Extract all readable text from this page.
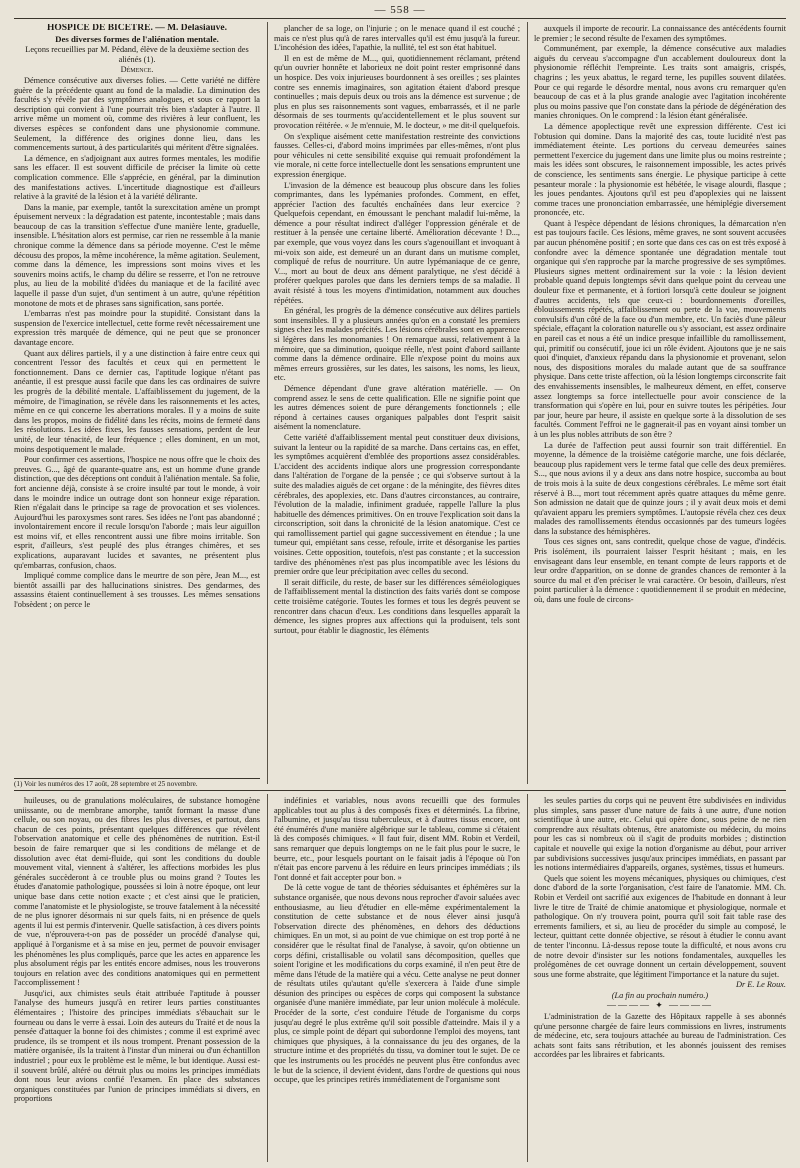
— 558 —

HOSPICE DE BICÊTRE. — M. Delasiauve.

Des diverses formes de l'aliénation mentale.

Leçons recueillies par M. Pédand, élève de la deuxième section des aliénés (1).

Démence.

Démence consécutive aux diverses folies. — Cette variété ne diffère guère de la précédente quant au fond de la maladie. La diminution des facultés s'y révèle par des symptômes analogues, et sous ce rapport la description qui convient à l'une pourrait très bien s'adapter à l'autre. Il arrive même un moment où, comme des rivières à leur confluent, les diverses espèces se confondent dans une physionomie commune. Seulement, la différence des origines donne lieu, dans les commencements surtout, à des particularités qui méritent d'être signalées.

La démence, en s'adjoignant aux autres formes mentales, les modifie sans les effacer. Il est souvent difficile de préciser la limite où cette complication commence. Elle s'apprécie, en général, par la diminution des manifestations actives. L'incertitude diagnostique est d'ailleurs relative à la gravité de la lésion et à la variété délirante.

Dans la manie, par exemple, tantôt la surexcitation amène un prompt épuisement nerveux : la dégradation est patente, incontestable ; mais dans beaucoup de cas la transition s'effectue d'une manière lente, graduelle, insensible. L'hésitation alors est permise, car rien ne ressemble à la manie chronique comme la démence dans sa période moyenne. C'est le même décousu des propos, la même incohérence, la même agitation. Seulement, comme dans la démence, les impressions sont moins vives et les souvenirs moins actifs, le champ du délire se resserre, et l'on ne retrouve plus, au lieu de la mobilité d'idées du maniaque et de la facilité avec laquelle il passe d'un sujet, d'un sentiment à un autre, qu'une répétition monotone de mots et de phrases sans signification, sans portée.

L'embarras n'est pas moindre pour la stupidité. Consistant dans la suspension de l'exercice intellectuel, cette forme revêt nécessairement une expression très marquée de démence, qui ne peut que se prononcer davantage encore.

Quant aux délires partiels, il y a une distinction à faire entre ceux qui concentrent l'essor des facultés et ceux qui en permettent le fonctionnement. Dans ce dernier cas, l'aptitude logique n'étant pas anéantie, il est presque aussi facile que dans les cas ordinaires de suivre les progrès de la débilité mentale. L'affaiblissement du jugement, de la mémoire, de l'imagination, se révèle dans les raisonnements et les actes, même en ce qui concerne les aberrations morales. Il y a moins de suite dans les propos, moins de fidélité dans les récits, moins de fermeté dans les résolutions. Les idées fixes, les fausses sensations, perdent de leur unité, de leur ténacité, de leur fréquence ; elles dominent, en un mot, moins despotiquement le malade.

Pour confirmer ces assertions, l'hospice ne nous offre que le choix des preuves. G..., âgé de quarante-quatre ans, est un homme d'une grande distinction, que des déceptions ont conduit à l'aliénation mentale. Sa folie, fort ancienne déjà, consiste à se croire insulté par tout le monde, à voir dans le moindre indice un outrage dont son honneur exige réparation. Rien n'égalait dans le principe sa rage de provocation et ses violences. Aujourd'hui les paroxysmes sont rares. Ses idées ne l'ont pas abandonné ; involontairement encore il recule lorsqu'on l'aborde ; mais leur aiguillon est moins vif, et elles rencontrent aussi une fibre moins irritable. Son esprit, d'ailleurs, s'est peuplé des plus étranges chimères, et ses explications, auparavant lucides et savantes, ne présentent plus qu'embarras, confusion, chaos.

Impliqué comme complice dans le meurtre de son père, Jean M..., est bientôt assailli par des hallucinations sinistres. Des gendarmes, des assassins étaient continuellement à ses trousses. Les mêmes sensations l'obsèdent ; on perce le

plancher de sa loge, on l'injurie ; on le menace quand il est couché ; mais ce n'est plus qu'à de rares intervalles qu'il est ému jusqu'à la fureur. L'incohésion des idées, l'apathie, la nullité, tel est son état habituel.

Il en est de même de M..., qui, quotidiennement réclamant, prétend qu'un ouvrier honnête et laborieux ne doit point rester emprisonné dans un hospice. Des voix injurieuses bourdonnent à ses oreilles ; ses plaintes contre ses ennemis imaginaires, son agitation étaient d'abord presque continuelles ; mais depuis deux ou trois ans la démence est survenue ; de plus en plus ses raisonnements sont vagues, embarrassés, et il ne parle désormais de ses tourments qu'accidentellement et le plus souvent sur provocation réitérée. « Je m'ennuie, M. le docteur, » me dit-il quelquefois.

On s'explique aisément cette manifestation restreinte des convictions fausses. Celles-ci, d'abord moins imprimées par elles-mêmes, n'ont plus pour véhicules ni cette sensibilité exquise qui remuait profondément la vie morale, ni cette force intellectuelle dont les sensations empruntent une expression énergique.

L'invasion de la démence est beaucoup plus obscure dans les folies comprimantes, dans les lypémanies profondes. Comment, en effet, apprécier l'action des facultés enchaînées dans leur exercice ? Quelquefois cependant, en émoussant le penchant maladif lui-même, la démence a pour résultat indirect d'alléger l'oppression générale et de restituer à la pensée une certaine liberté. Amélioration décevante ! D..., par exemple, que vous voyez dans les cours s'agenouillant et invoquant à mi-voix son aide, est demeuré un an durant dans un mutisme complet, compliqué de refus de nourriture. Un autre lypémaniaque de ce genre, V..., mort au bout de deux ans dément paralytique, ne s'est décidé à proférer quelques paroles que dans les derniers temps de sa maladie. Il avait résisté à tous les moyens d'intimidation, notamment aux douches répétées.

En général, les progrès de la démence consécutive aux délires partiels sont insensibles. Il y a plusieurs années qu'on en a constaté les premiers signes chez les malades précités. Les lésions cérébrales sont en apparence si légères dans les monomanies ! On remarque aussi, relativement à la mémoire, que sa diminution, quoique réelle, n'est point d'abord saillante comme dans la démence ordinaire. Elle n'expose point du moins aux mêmes erreurs grossières, sur les dates, les saisons, les noms, les lieux, etc.

Démence dépendant d'une grave altération matérielle. — On comprend assez le sens de cette qualification. Elle ne signifie point que les autres démences soient de pure dérangements fonctionnels ; elle répond à certaines causes organiques palpables dont l'esprit saisit aisément la nomenclature.

Cette variété d'affaiblissement mental peut constituer deux divisions, suivant la lenteur ou la rapidité de sa marche. Dans certains cas, en effet, les symptômes acquièrent d'emblée des proportions assez considérables. L'accident des accidents indique alors une progression correspondante dans l'altération de l'organe de la pensée ; ce qui s'observe surtout à la suite des maladies aiguës de cet organe : de la méningite, des fièvres dites cérébrales, des apoplexies, etc. Dans d'autres circonstances, au contraire, l'évolution de la maladie, infiniment graduée, rappelle l'allure la plus habituelle des démences primitives. On en trouve l'explication soit dans la circonscription, soit dans la chronicité de la lésion anatomique. C'est ce qui ramollissement partiel qui gagne successivement en étendue ; la une tumeur qui, empiétant sans cesse, refoule, irrite et désorganise les parties voisines. Cette opposition, toutefois, n'est pas constante ; et la succession tardive des phénomènes n'est pas plus incompatible avec les lésions du premier ordre que leur précipitation avec celles du second.

Il serait difficile, du reste, de baser sur les différences séméiologiques de l'affaiblissement mental la distinction des faits variés dont se compose cette troisième catégorie. Toutes les formes et tous les degrés peuvent se rencontrer dans chacun d'eux. Les conditions dans lesquelles apparaît la démence, les signes propres aux affections qui la produisent, tels sont surtout, pour établir le diagnostic, les éléments

auxquels il importe de recourir. La connaissance des antécédents fournit le premier ; le second résulte de l'examen des symptômes.

Communément, par exemple, la démence consécutive aux maladies aiguës du cerveau s'accompagne d'un accablement douloureux dont la physionomie réfléchit l'empreinte. Les traits sont amaigris, crispés, chagrins ; les yeux abattus, le regard terne, les pupilles souvent dilatées. Pour ce qui regarde le désordre mental, nous avons cru remarquer qu'en beaucoup de cas et à la plus grande analogie avec l'agitation incohérente plus ou moins passive que l'on constate dans la période de dégénération des manies chroniques. On le comprend : la lésion étant généralisée.

La démence apoplectique revêt une expression différente. C'est ici l'obtusion qui domine. Dans la majorité des cas, toute lucidité n'est pas immédiatement éteinte. Les portions du cerveau demeurées saines permettent l'exercice du jugement dans une limite plus ou moins restreinte ; mais les idées sont obscures, le raisonnement impossible, les actes privés de conscience, les sentiments sans énergie. Le physique participe à cette pesanteur morale : la physionomie est hébétée, le visage alourdi, flasque ; les joues pendantes. Ajoutons qu'il est peu d'apoplexies qui ne laissent comme traces une prononciation embarrassée, une hémiplégie diversement prononcée, etc.

Quant à l'espèce dépendant de lésions chroniques, la démarcation n'en est pas toujours facile. Ces lésions, même graves, ne sont souvent accusées par aucun phénomène positif ; en sorte que dans ces cas on est très exposé à confondre avec la démence spontanée une dégradation mentale tout organique qui s'en rapproche par la marche progressive de ses symptômes. Plusieurs signes mettent ordinairement sur la voie : la lésion devient probable quand depuis longtemps sévit dans quelque point du cerveau une douleur fixe et permanente, et à fortiori lorsqu'à cette douleur se joignent d'autres accidents, tels que ceux-ci : bourdonnements d'oreilles, éblouissements répétés, affaiblissement ou perte de la vue, mouvements convulsifs d'un côté de la face ou d'un membre, etc. Un faciès d'une pâleur spéciale, effaçant la coloration naturelle ou s'y associant, est assez ordinaire en pareil cas et nous a été un indice presque infaillible du ramollissement, qui, primitif ou consécutif, joue ici un rôle évident. Ajoutons que je ne sais quoi d'inquiet, d'anxieux répandu dans la physionomie et provenant, selon nous, des dispositions morales du malade autant que de sa souffrance physique. Dans cette triste affection, où la lésion longtemps circonscrite fait des envahissements insensibles, le malheureux dément, en effet, conserve assez longtemps sa force intellectuelle pour avoir conscience de la transformation qui s'opère en lui, pour en suivre toutes les péripéties. Jour par jour, heure par heure, il assiste en quelque sorte à la dissolution de ses facultés. Comment l'effroi ne le gagnerait-il pas en voyant ainsi tomber un à un les plus nobles attributs de son être ?

La durée de l'affection peut aussi fournir son trait différentiel. En moyenne, la démence de la troisième catégorie marche, une fois déclarée, beaucoup plus rapidement vers le terme fatal que celle des deux premières. S..., que nous avions il y a deux ans dans notre hospice, succomba au bout de trois mois à la suite de deux congestions cérébrales. Le même sort était réservé à B..., mort tout récemment après quatre attaques du même genre. Son admission ne datait que de quinze jours ; il y avait deux mois et demi qu'avaient apparu les premiers symptômes. L'autopsie révéla chez ces deux malades des ramollissements étendus occasionnés par des tumeurs logées dans la substance des hémisphères.

Tous ces signes ont, sans contredit, quelque chose de vague, d'indécis. Pris isolément, ils pourraient laisser l'esprit hésitant ; mais, en les envisageant dans leur ensemble, en tenant compte de leurs rapports et de leur ordre d'apparition, on se donne de grandes chances de remonter à la source du mal et d'en préciser le vrai caractère. Or besoin, d'ailleurs, n'est point particulier à la démence : quotidiennement il se produit en médecine, où, dans une foule de circons-

(1) Voir les numéros des 17 août, 28 septembre et 25 novembre.

huileuses, ou de granulations moléculaires, de substance homogène uniissante, ou de membrane amorphe, tantôt formant la masse d'une cellule, ou son noyau, ou des fibres les plus diverses, et partout, dans chacun de ces points, présentant quelques différences que révèlent l'observation anatomique et celle des phénomènes de nutrition. Est-il besoin de faire remarquer que si les conditions de mélange et de dissolution avec état demi-fluide, qui sont les conditions du double mouvement vital, viennent à s'altérer, les affections morbides les plus générales succèderont à ce trouble plus ou moins grand ? Toutes les études d'anatomie pathologique, poussées si loin à notre époque, ont leur unique base dans cette notion exacte ; et c'est ainsi que le praticien, comme l'anatomiste et le physiologiste, se trouve fatalement à la nécessité de ne plus ignorer désormais ni sur quels faits, ni en présence de quels agents il lui est permis d'intervenir. Quelle satisfaction, à ces divers points de vue, n'éprouvera-t-on pas de posséder un procédé d'analyse qui, appliqué à l'organisme et à sa mise en jeu, permet de pouvoir envisager les phénomènes les plus compliqués, parce que les actes en apparence les plus absolument régis par les entités encore admises, nous les trouverons toujours en relation avec des conditions anatomiques qui en permettent l'accomplissement !

Jusqu'ici, aux chimistes seuls était attribuée l'aptitude à pousser l'analyse des humeurs jusqu'à en retirer leurs parties constituantes élémentaires ; l'histoire des principes immédiats s'ébauchait sur le fourneau ou dans le verre à essai. Loin des auteurs du Traité et de nous la pensée d'attaquer la bonne foi des chimistes ; comme il est exprimé avec prudence, ils se trompent et ils nous trompent. Prenant possession de la matière organisée, ils la traitent à l'instar d'un minerai ou d'un échantillon industriel ; pour eux le problème est le même, le but identique. Aussi est-il souvent brûlé, altéré ou détruit plus ou moins les principes immédiats dont nous leur avions confié l'examen. En place des substances organiques constituées par l'union de principes immédiats si divers, en proportions

indéfinies et variables, nous avons recueilli que des formules applicables tout au plus à des composés fixes et déterminés. La fibrine, l'albumine, et jusqu'au tissu tuberculeux, et à d'autres tissus encore, ont été énumérés d'une manière algébrique sur le tableau, comme si c'étaient là des composés chimiques. « Il faut fuir, disent MM. Robin et Verdeil, sans remarquer que depuis longtemps on ne le fait plus pour le sucre, le beurre, etc., pour lesquels pourtant on le faisait jadis à l'époque où l'on n'était pas encore parvenu à les réduire en leurs principes immédiats ; ils l'ont donné et fait accepter pour bon. »

De là cette vogue de tant de théories séduisantes et éphémères sur la substance organisée, que nous devons nous reprocher d'avoir saluées avec enthousiasme, au lieu d'étudier en elle-même expérimentalement la constitution de cette substance et de nous élever ainsi jusqu'à l'observation directe des phénomènes, en dehors des déductions chimiques. En un mot, si au point de vue chimique on est trop porté à ne considérer que le résultat final de l'analyse, à savoir, qu'on obtienne un corps défini, cristallisable ou volatil sans décomposition, quelles que soient l'origine et les modifications du corps examiné, il n'en peut être de même dans l'étude de la matière qui a vécu. Cette analyse ne peut donner de résultats utiles qu'autant qu'elle s'exercera à l'aide d'une simple désunion des principes ou espèces de corps qui composent la substance organisée d'une manière immédiate, par leur union molécule à molécule. Procéder de la sorte, c'est conduire l'étude de l'organisme du corps jusqu'au degré le plus extrême qu'il soit possible d'atteindre. Mais il y a plus, ce simple point de départ qui subordonne l'emploi des moyens, tant chimiques que physiques, à la connaissance du jeu des organes, de la structure intime et des propriétés du tissu, va dominer tout le sujet. De ce que les instruments ou les procédés ne peuvent plus être confondus avec le but de la science, il devient évident, dans l'ordre de questions qui nous occupe, que les principes retirés immédiatement de l'organisme sont

les seules parties du corps qui ne peuvent être subdivisées en individus plus simples, sans passer d'une nature de faits à une autre, d'une notion scientifique à une autre, etc. Celui qui opère donc, sous peine de ne rien comprendre aux résultats obtenus, être anatomiste ou médecin, du moins pour les cas si nombreux où il s'agit de produits morbides ; distinction capitale et nouvelle qui exige la notion d'organisme au début, pour arriver par subdivisions successives jusqu'aux principes immédiats, en passant par les notions intermédiaires d'appareils, organes, systèmes, tissus et humeurs.

Quels que soient les moyens mécaniques, physiques ou chimiques, c'est donc d'abord de la sorte l'organisation, c'est faire de l'anatomie. MM. Ch. Robin et Verdeil ont sacrifié aux exigences de l'habitude en donnant à leur livre le titre de Traité de chimie anatomique et physiologique, normale et pathologique. On n'y trouvera point, pourra qu'il soit fait table rase des errements familiers, et si, au lieu de procéder du simple au composé, le lecteur, quittant cette donnée objective, se résout à étudier le connu avant de tenter l'inconnu. Là-dessus repose toute la difficulté, et nous avons cru de notre devoir d'insister sur les notions fondamentales, auxquelles les prolégomènes de cet ouvrage donnent un certain développement, souvent sous une forme abstraite, que légitiment l'importance et la nature du sujet.

Dr E. Le Roux.

(La fin au prochain numéro.)

———— ✦ ————

L'administration de la Gazette des Hôpitaux rappelle à ses abonnés qu'une personne chargée de faire leurs commissions en livres, instruments de médecine, etc, sera toujours attachée au bureau de l'administration. Ces achats sont faits sans rétribution, et les abonnés jouissent des remises accordées par les libraires et fabricants.
